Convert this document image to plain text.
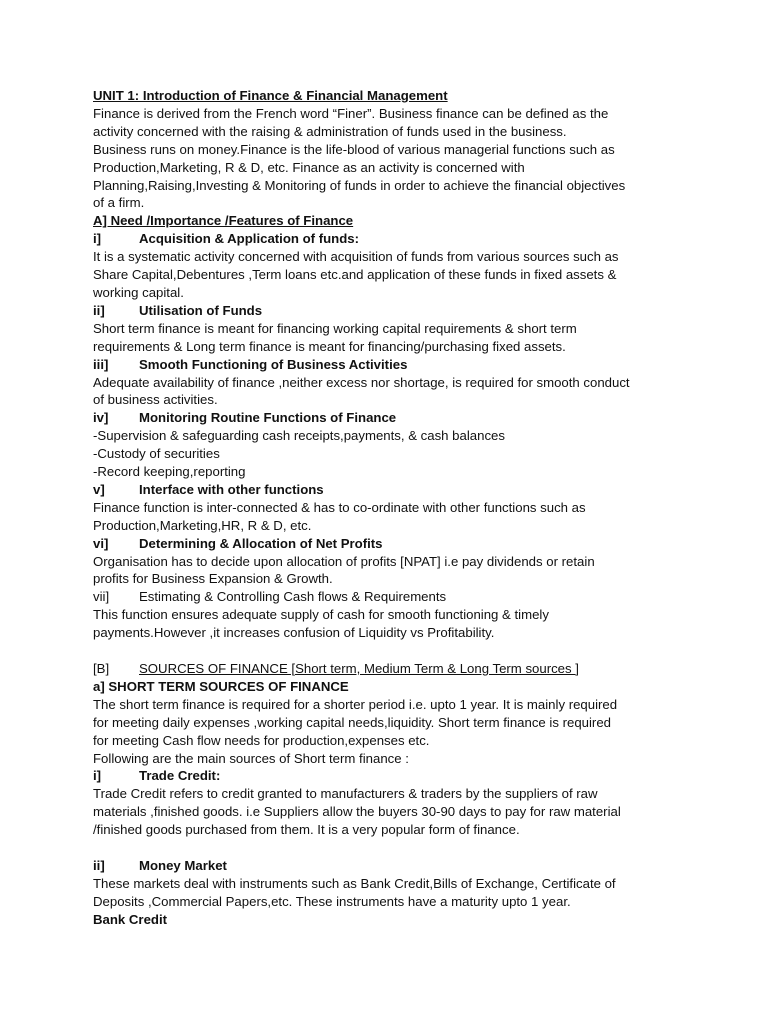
UNIT 1: Introduction of Finance & Financial Management
Finance is derived from the French word “Finer”. Business finance can be defined as the
activity concerned with the raising & administration of funds used in the business.
Business runs on money.Finance is the life-blood of various managerial functions such as
Production,Marketing, R & D, etc. Finance as an activity is concerned with
Planning,Raising,Investing & Monitoring of funds in order to achieve the financial objectives
of a firm.
A] Need /Importance /Features of Finance
i]	Acquisition & Application of funds:
It is a systematic activity concerned with acquisition of funds from various sources such as
Share Capital,Debentures ,Term loans etc.and application of these funds in fixed assets &
working capital.
ii]	Utilisation of Funds
Short term finance is meant for financing working capital requirements & short term
requirements & Long term finance is meant for financing/purchasing fixed assets.
iii] Smooth Functioning of Business Activities
Adequate availability of finance ,neither excess nor shortage, is required for smooth conduct
of business activities.
iv] Monitoring Routine Functions of Finance
-Supervision & safeguarding cash receipts,payments, & cash balances
-Custody of securities
-Record keeping,reporting
v]	Interface with other functions
Finance function is inter-connected & has to co-ordinate with other functions such as
Production,Marketing,HR, R & D, etc.
vi] Determining & Allocation of Net Profits
Organisation has to decide upon allocation of profits [NPAT] i.e pay dividends or retain
profits for Business Expansion & Growth.
vii] Estimating & Controlling Cash flows & Requirements
This function ensures adequate supply of cash for smooth functioning & timely
payments.However ,it increases confusion of Liquidity vs Profitability.
[B] SOURCES OF FINANCE [Short term, Medium Term & Long Term sources ]
a] SHORT TERM SOURCES OF FINANCE
The short term finance is required for a shorter period i.e. upto 1 year. It is mainly required
for meeting daily expenses ,working capital needs,liquidity. Short term finance is required
for meeting Cash flow needs for production,expenses etc.
Following are the main sources of Short term finance :
i]	Trade Credit:
Trade Credit refers to credit granted to manufacturers & traders by the suppliers of raw
materials ,finished goods. i.e Suppliers allow the buyers 30-90 days to pay for raw material
/finished goods purchased from them. It is a very popular form of finance.
ii]	Money Market
These markets deal with instruments such as Bank Credit,Bills of Exchange, Certificate of
Deposits ,Commercial Papers,etc. These instruments have a maturity upto 1 year.
Bank Credit
